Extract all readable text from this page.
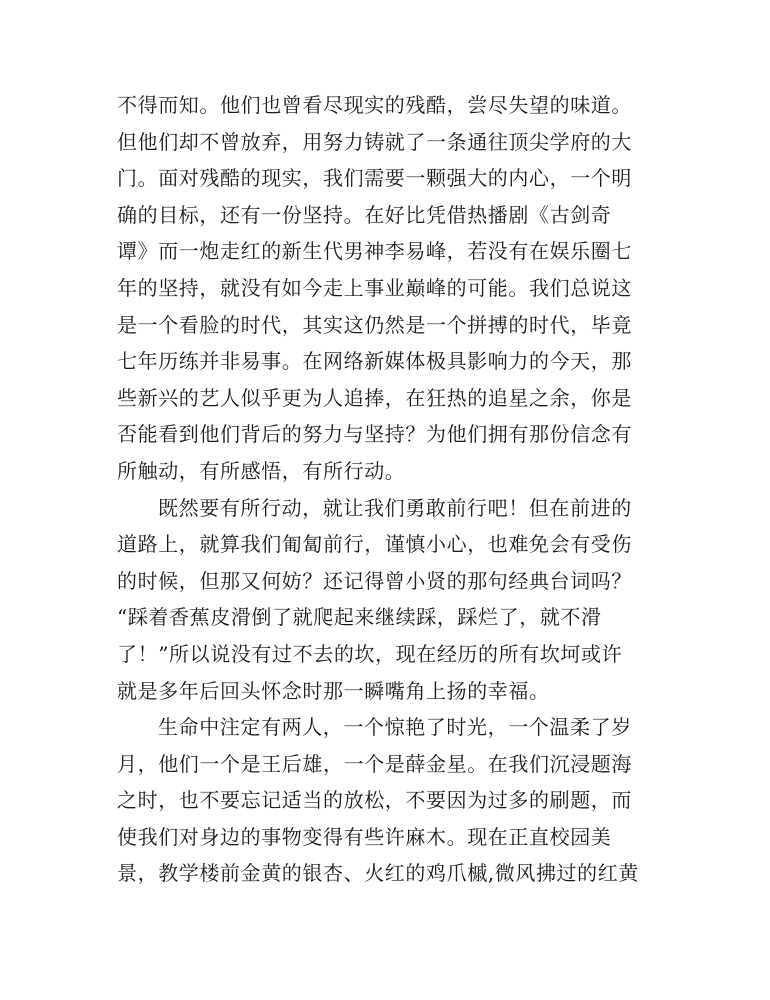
不得而知。他们也曾看尽现实的残酷，尝尽失望的味道。
但他们却不曾放弃，用努力铸就了一条通往顶尖学府的大
门。面对残酷的现实，我们需要一颗强大的内心，一个明
确的目标，还有一份坚持。在好比凭借热播剧《古剑奇
谭》而一炮走红的新生代男神李易峰，若没有在娱乐圈七
年的坚持，就没有如今走上事业巅峰的可能。我们总说这
是一个看脸的时代，其实这仍然是一个拼搏的时代，毕竟
七年历练并非易事。在网络新媒体极具影响力的今天，那
些新兴的艺人似乎更为人追捧，在狂热的追星之余，你是
否能看到他们背后的努力与坚持？为他们拥有那份信念有
所触动，有所感悟，有所行动。
既然要有所行动，就让我们勇敢前行吧！但在前进的
道路上，就算我们匍匐前行，谨慎小心，也难免会有受伤
的时候，但那又何妨？还记得曾小贤的那句经典台词吗？
“踩着香蕉皮滑倒了就爬起来继续踩，踩烂了，就不滑
了！”所以说没有过不去的坎，现在经历的所有坎坷或许
就是多年后回头怀念时那一瞬嘴角上扬的幸福。
生命中注定有两人，一个惊艳了时光，一个温柔了岁
月，他们一个是王后雄，一个是薛金星。在我们沉浸题海
之时，也不要忘记适当的放松，不要因为过多的刷题，而
使我们对身边的事物变得有些许麻木。现在正直校园美
景，教学楼前金黄的银杏、火红的鸡爪槭,微风拂过的红黄
